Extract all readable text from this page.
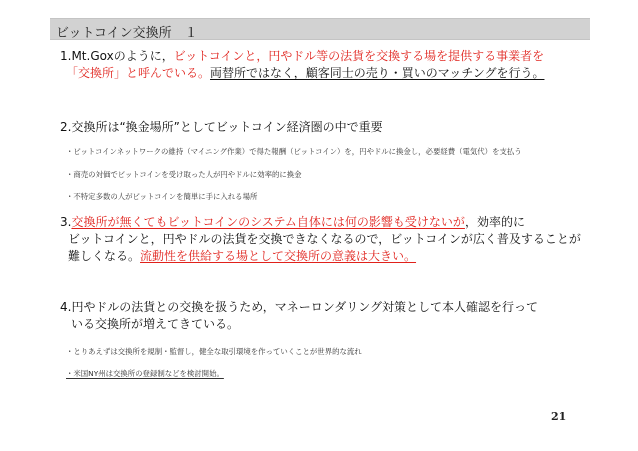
ビットコイン交換所　１
1.Mt.Goxのように，ビットコインと，円やドル等の法貨を交換する場を提供する事業者を
「交換所」と呼んでいる。両替所ではなく，顧客同士の売り・買いのマッチングを行う。
2.交換所は“換金場所”としてビットコイン経済圏の中で重要
・ビットコインネットワークの維持（マイニング作業）で得た報酬（ビットコイン）を，円やドルに換金し，必要経費（電気代）を支払う
・商売の対価でビットコインを受け取った人が円やドルに効率的に換金
・不特定多数の人がビットコインを簡単に手に入れる場所
3.交換所が無くてもビットコインのシステム自体には何の影響も受けないが，効率的に
ビットコインと，円やドルの法貨を交換できなくなるので，ビットコインが広く普及することが
難しくなる。流動性を供給する場として交換所の意義は大きい。
4.円やドルの法貨との交換を扱うため，マネーロンダリング対策として本人確認を行って
いる交換所が増えてきている。
・とりあえずは交換所を規制・監督し，健全な取引環境を作っていくことが世界的な流れ
・米国NY州は交換所の登録制などを検討開始。
21
